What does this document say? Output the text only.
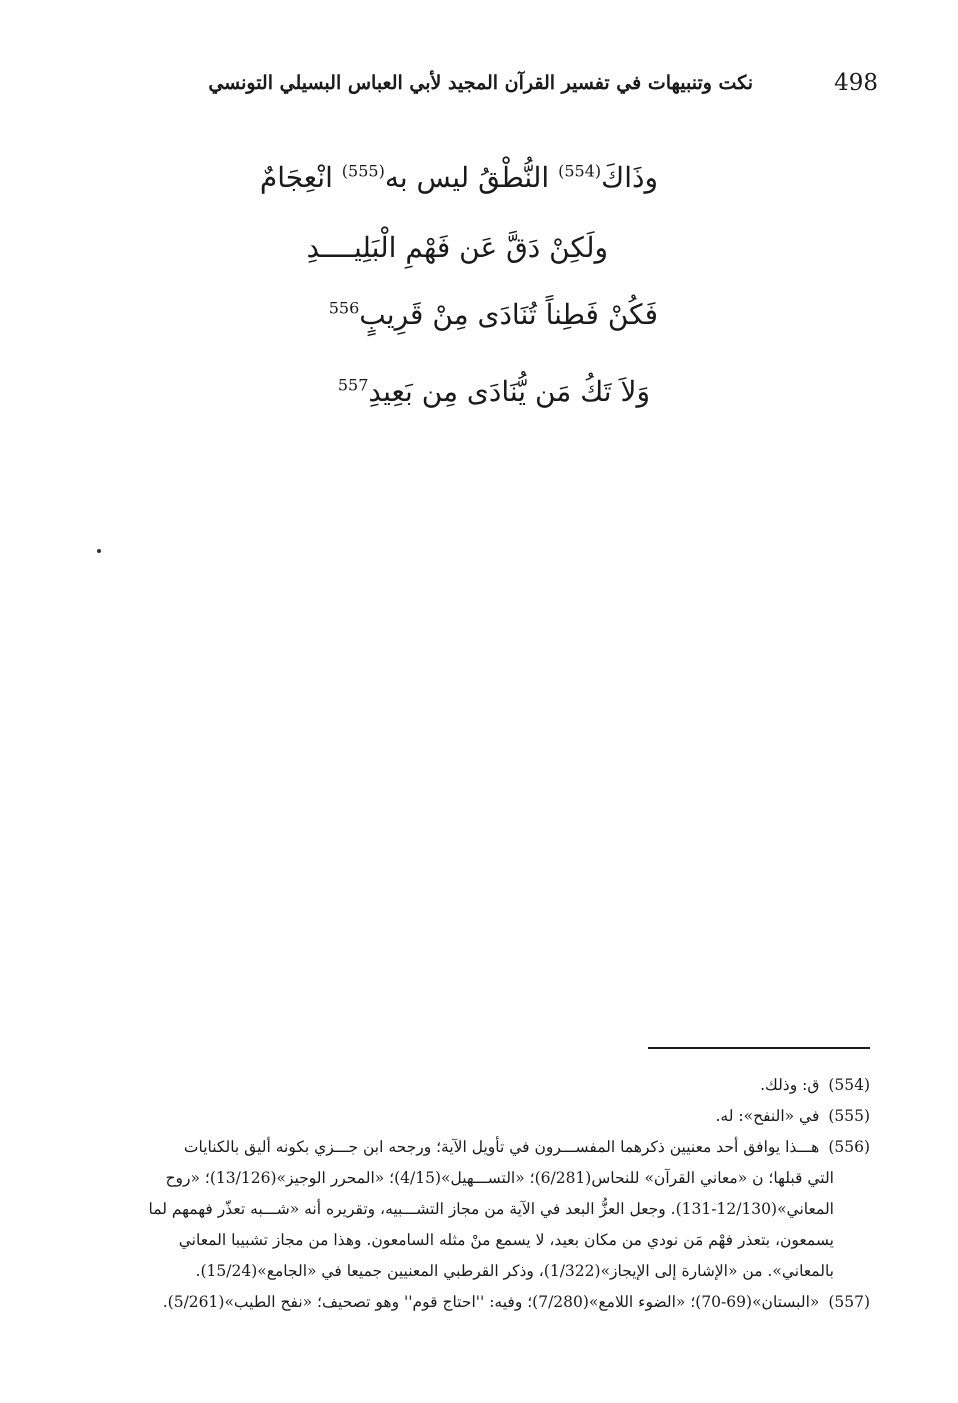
498
نكت وتنبيهات في تفسير القرآن المجيد لأبي العباس البسيلي التونسي
وذَاكَ$^{(554)}$ النُّطْقُ ليس به$^{(555)}$ انْعِجَامٌ
ولَكِنْ دَقَّ عَن فَهْمِ الْبَلِيــــدِ
فَكُنْ فَطِناً تُنَادَى مِنْ قَرِيبٍ$^{556}$
وَلاَ تَكُ مَن يُّنَادَى مِن بَعِيدِ$^{557}$
(554) ق: وذلك.
(555) في «النفح»: له.
(556) هـــذا يوافق أحد معنيين ذكرهما المفســـرون في تأويل الآية؛ ورجحه ابن جـــزي بكونه أليق بالكنايات
التي قبلها؛ ن «معاني القرآن» للنحاس(6/281)؛ «التســـهيل»(4/15)؛ «المحرر الوجيز»(13/126)؛ «روح
المعاني»(12/130-131). وجعل العزُّ البعد في الآية من مجاز التشـــبيه، وتقريره أنه «شـــبه تعذّر فهمهم لما
يسمعون، بتعذر فهْم مَن نودي من مكان بعيد، لا يسمع منْ مثله السامعون. وهذا من مجاز تشبيبا المعاني
بالمعاني». من «الإشارة إلى الإيجاز»(1/322)، وذكر القرطبي المعنيين جميعا في «الجامع»(15/24).
(557) «البستان»(69-70)؛ «الضوء اللامع»(7/280)؛ وفيه: ''احتاج قوم'' وهو تصحيف؛ «نفح الطيب»(5/261).
